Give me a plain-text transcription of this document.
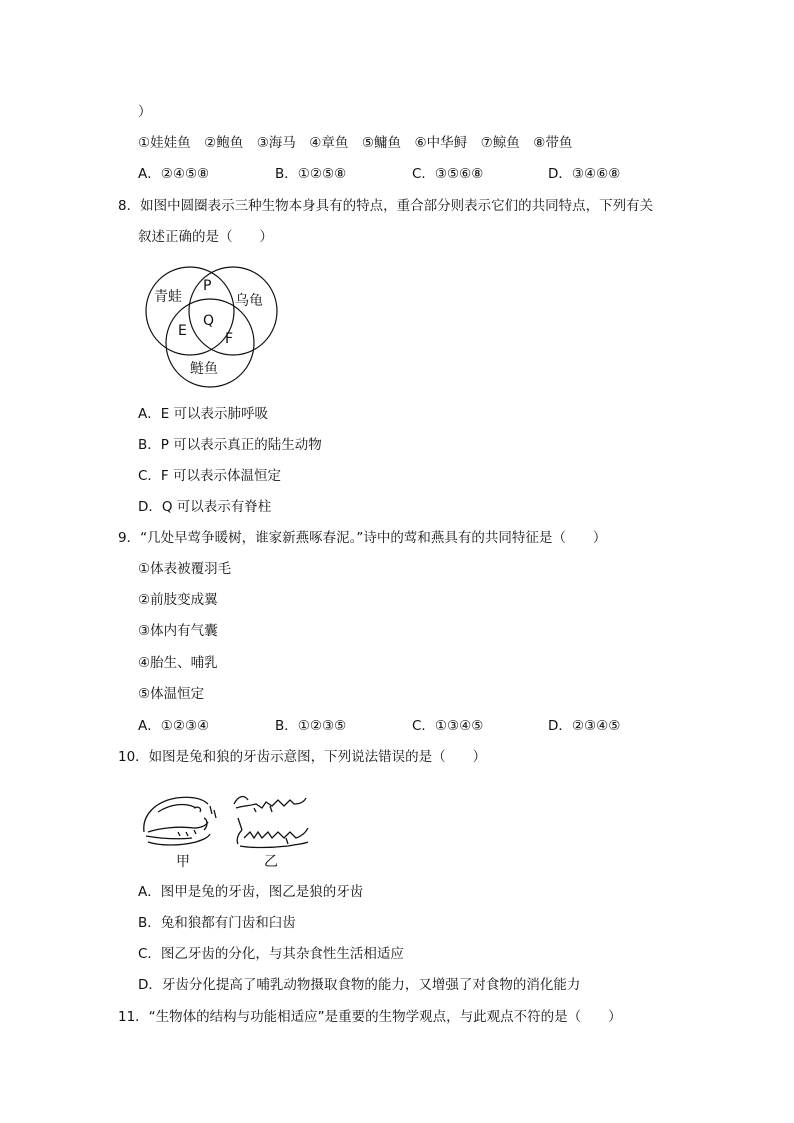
）
①娃娃鱼　②鲍鱼　③海马　④章鱼　⑤鳙鱼　⑥中华鲟　⑦鲸鱼　⑧带鱼
A．②④⑤⑧	B．①②⑤⑧	C．③⑤⑥⑧	D．③④⑥⑧
8．如图中圆圈表示三种生物本身具有的特点，重合部分则表示它们的共同特点，下列有关
叙述正确的是（　　）
青蛙	乌龟
鲢鱼
P
Q
E	F
A．E 可以表示肺呼吸
B．P 可以表示真正的陆生动物
C．F 可以表示体温恒定
D．Q 可以表示有脊柱
9．“几处早莺争暖树，谁家新燕啄春泥。”诗中的莺和燕具有的共同特征是（　　）
①体表被覆羽毛
②前肢变成翼
③体内有气囊
④胎生、哺乳
⑤体温恒定
A．①②③④	B．①②③⑤	C．①③④⑤	D．②③④⑤
10．如图是兔和狼的牙齿示意图，下列说法错误的是（　　）
甲	乙
A．图甲是兔的牙齿，图乙是狼的牙齿
B．兔和狼都有门齿和臼齿
C．图乙牙齿的分化，与其杂食性生活相适应
D．牙齿分化提高了哺乳动物摄取食物的能力，又增强了对食物的消化能力
11．“生物体的结构与功能相适应”是重要的生物学观点，与此观点不符的是（　　）
